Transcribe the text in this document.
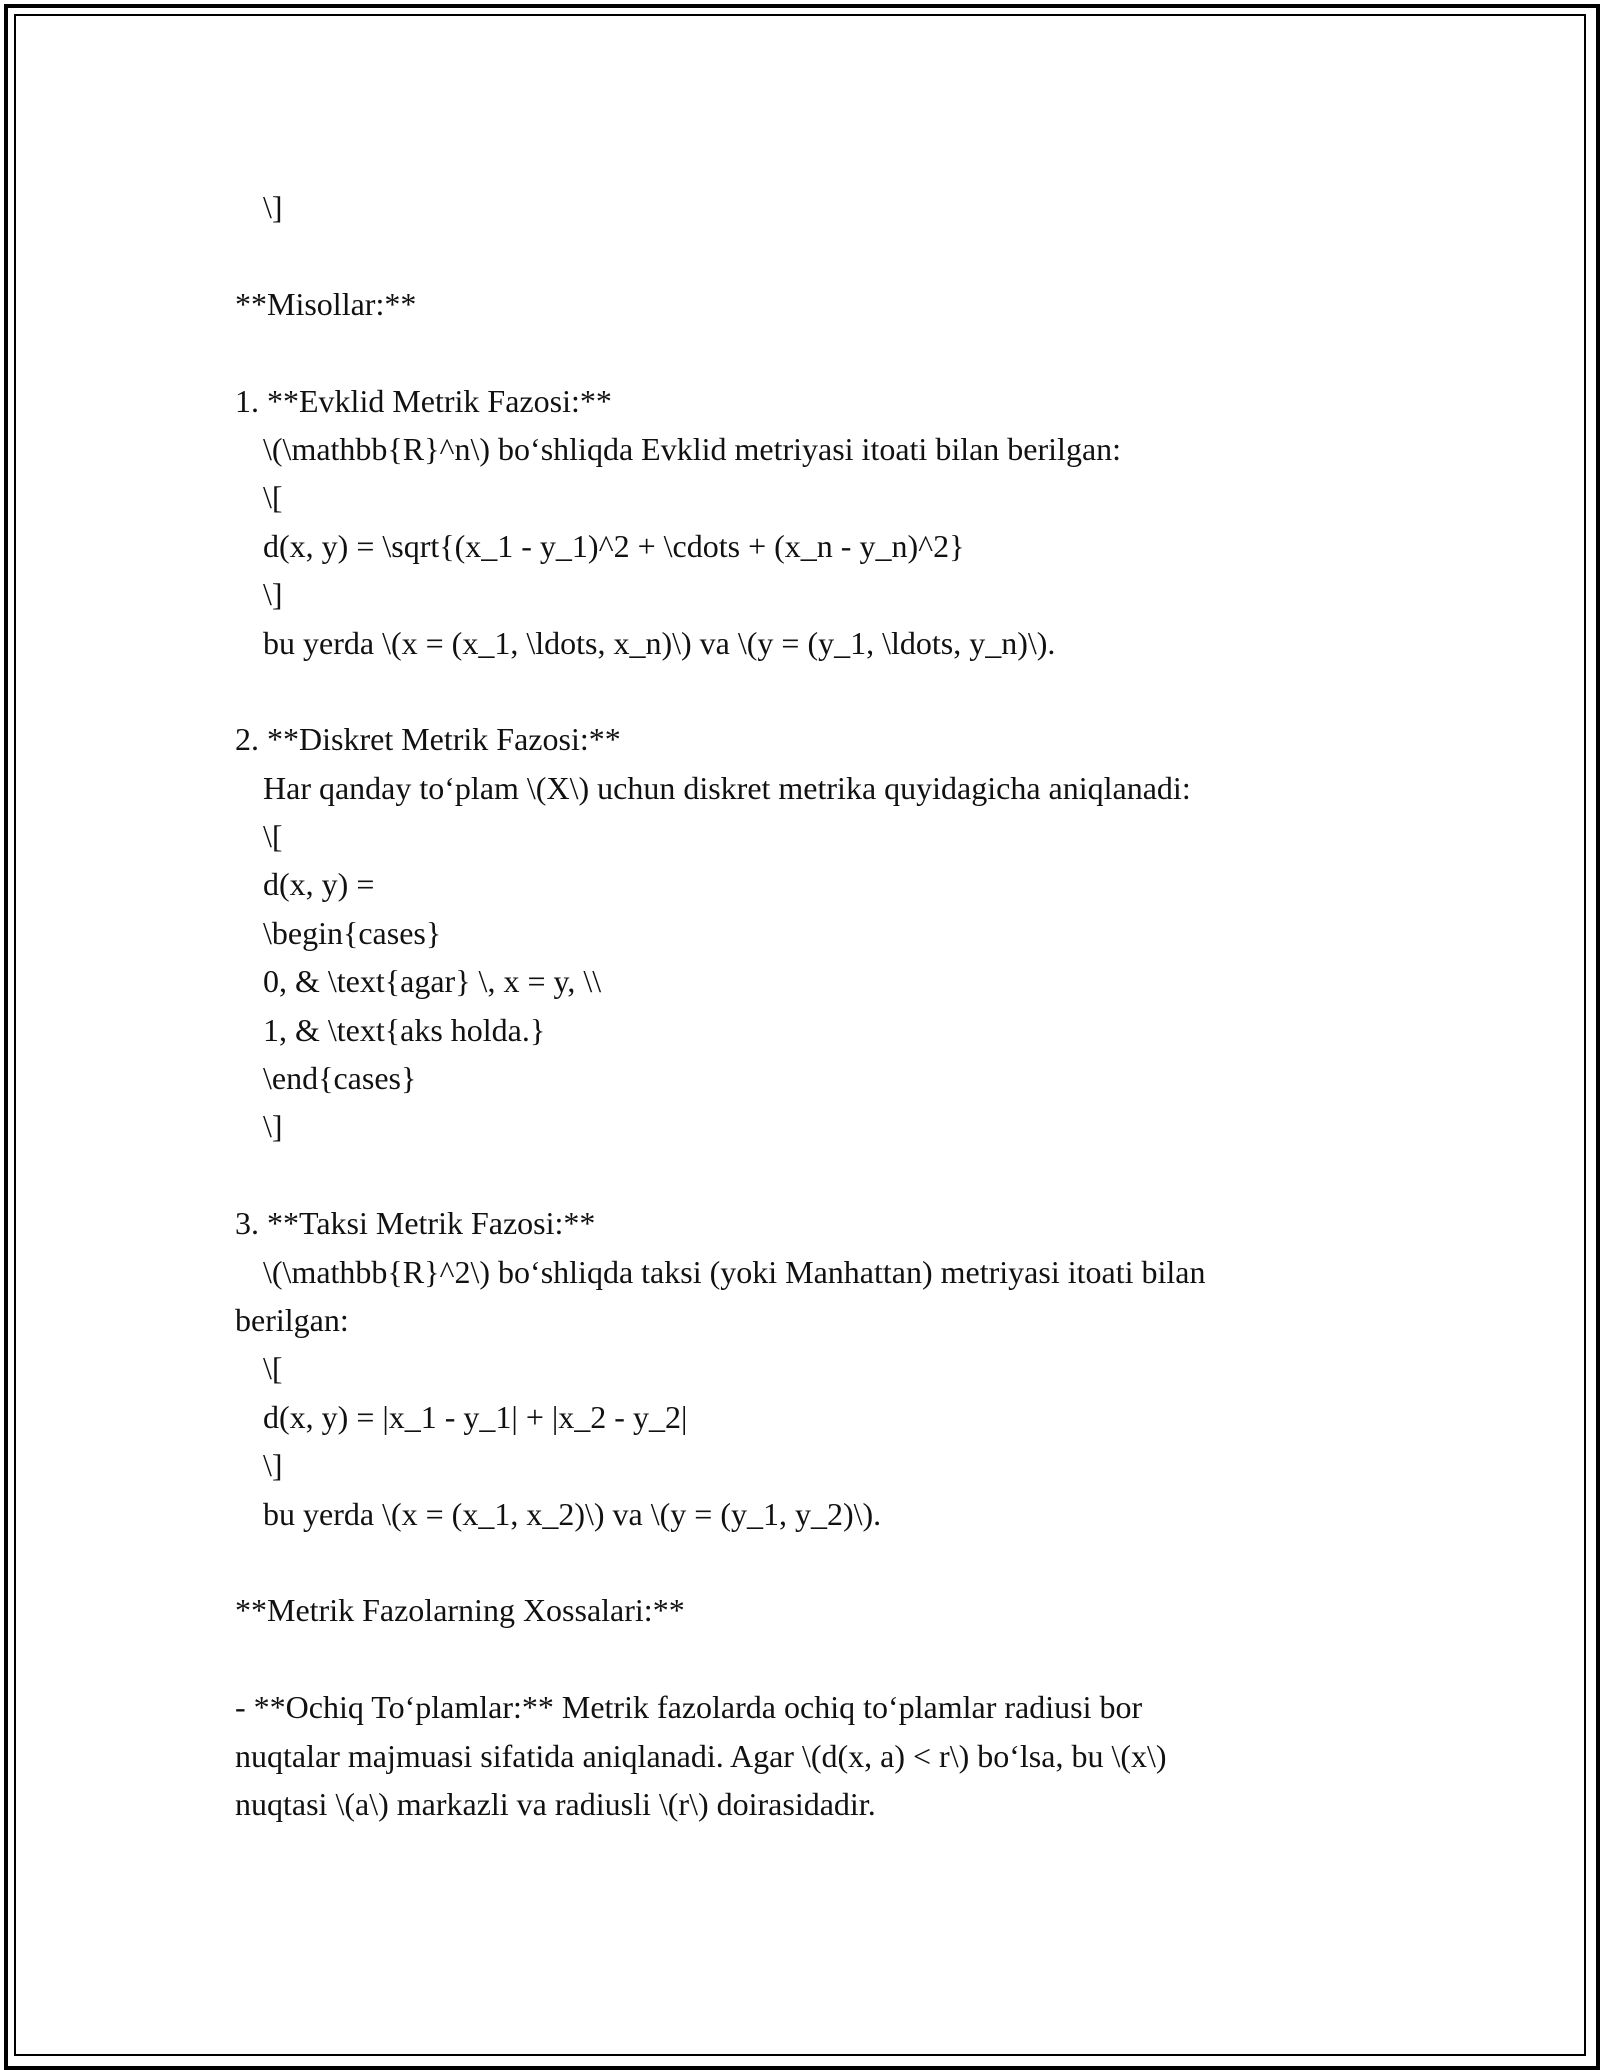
\]
**Misollar:**
1. **Evklid Metrik Fazosi:**
\(\mathbb{R}^n\) bo‘shliqda Evklid metriyasi itoati bilan berilgan:
\[
d(x, y) = \sqrt{(x_1 - y_1)^2 + \cdots + (x_n - y_n)^2}
\]
bu yerda \(x = (x_1, \ldots, x_n)\) va \(y = (y_1, \ldots, y_n)\).
2. **Diskret Metrik Fazosi:**
Har qanday to‘plam \(X\) uchun diskret metrika quyidagicha aniqlanadi:
\[
d(x, y) =
\begin{cases}
0, & \text{agar} \, x = y, \\
1, & \text{aks holda.}
\end{cases}
\]
3. **Taksi Metrik Fazosi:**
\(\mathbb{R}^2\) bo‘shliqda taksi (yoki Manhattan) metriyasi itoati bilan
berilgan:
\[
d(x, y) = |x_1 - y_1| + |x_2 - y_2|
\]
bu yerda \(x = (x_1, x_2)\) va \(y = (y_1, y_2)\).
**Metrik Fazolarning Xossalari:**
- **Ochiq To‘plamlar:** Metrik fazolarda ochiq to‘plamlar radiusi bor
nuqtalar majmuasi sifatida aniqlanadi. Agar \(d(x, a) < r\) bo‘lsa, bu \(x\)
nuqtasi \(a\) markazli va radiusli \(r\) doirasidadir.
